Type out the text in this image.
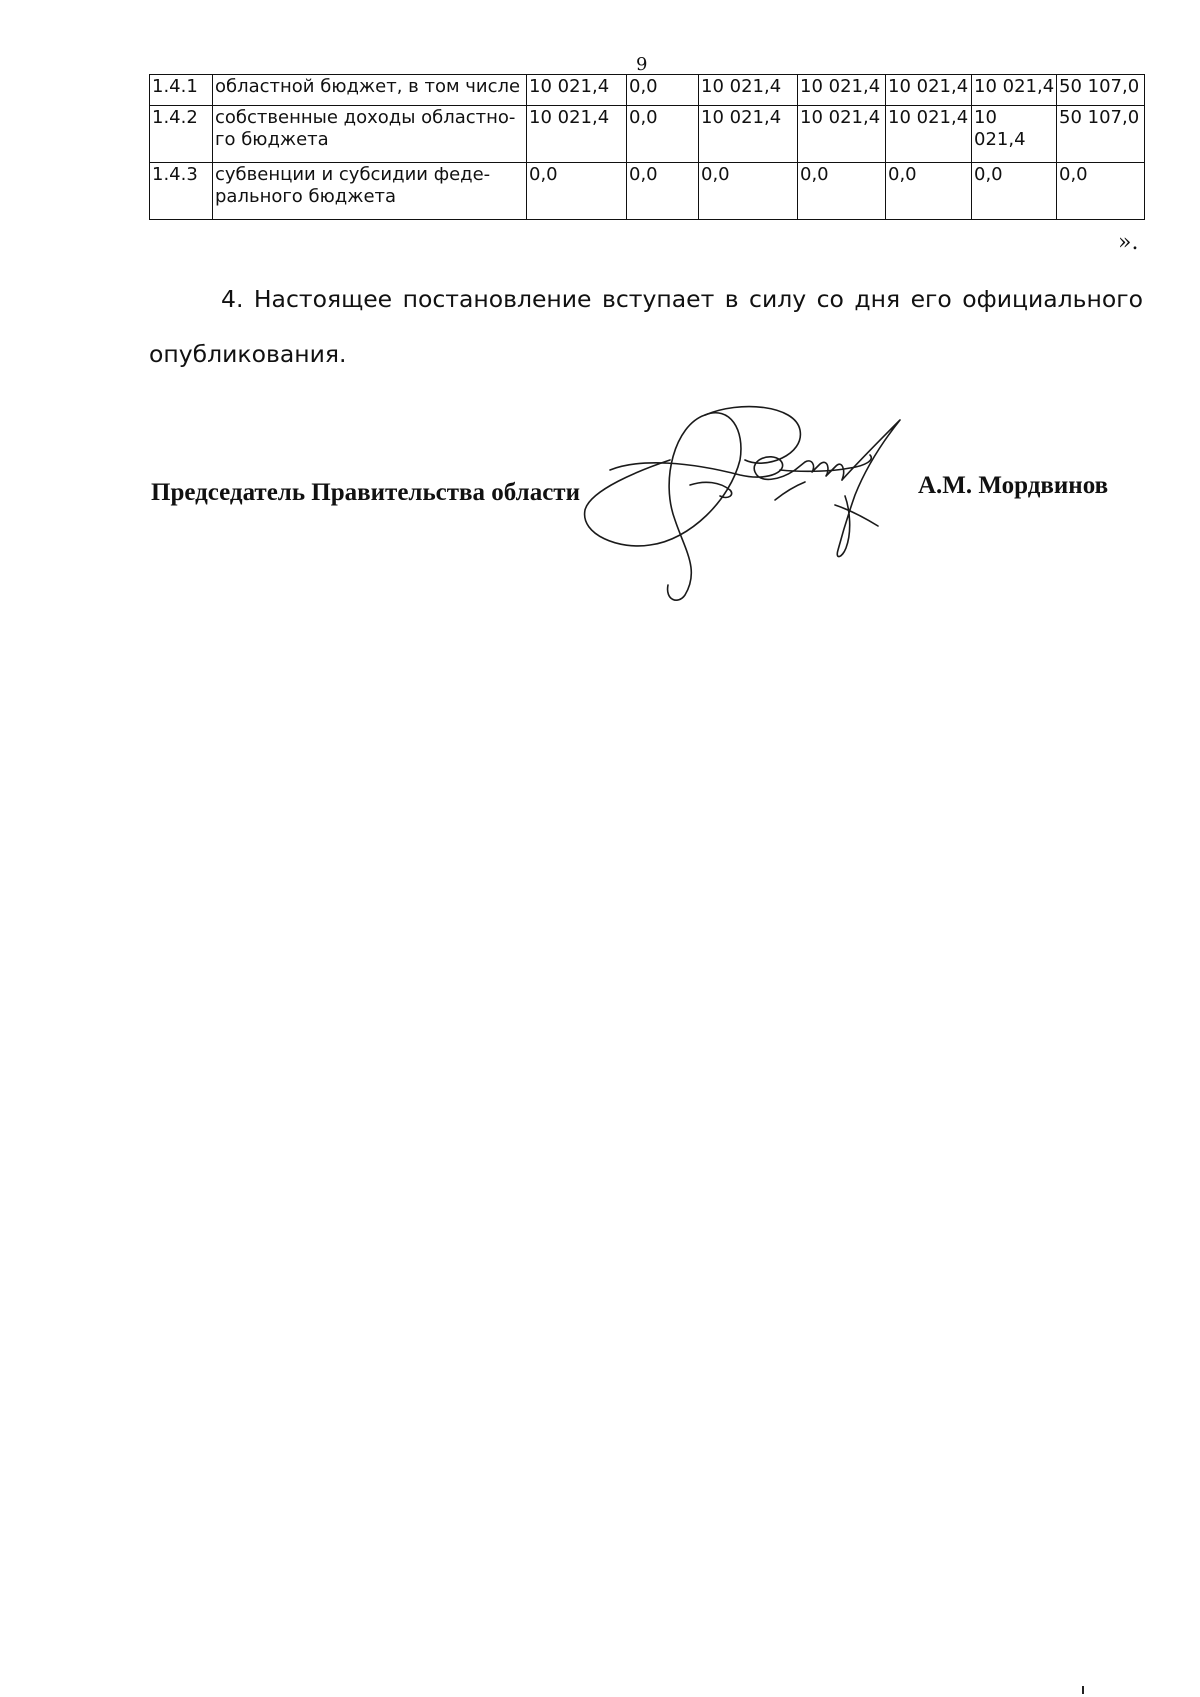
9
1.4.1	областной бюджет, в том числе	10 021,4	0,0	10 021,4	10 021,4	10 021,4	10 021,4	50 107,0
1.4.2	собственные доходы областно-го бюджета	10 021,4	0,0	10 021,4	10 021,4	10 021,4	10 021,4	50 107,0
1.4.3	субвенции и субсидии феде-рального бюджета	0,0	0,0	0,0	0,0	0,0	0,0	0,0
».
4. Настоящее постановление вступает в силу со дня его официального опубликования.
Председатель Правительства области	А.М. Мордвинов
